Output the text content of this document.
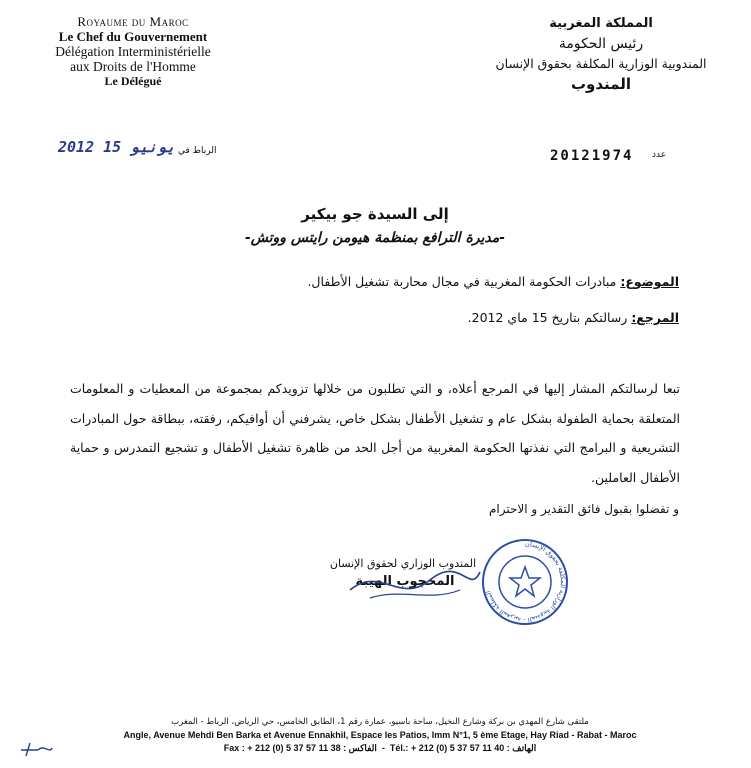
Royaume du Maroc
Le Chef du Gouvernement
Délégation Interministérielle
aux Droits de l'Homme
Le Délégué
المملكة المغربية
رئيس الحكومة
المندوبية الوزارية المكلفة بحقوق الإنسان
المندوب
2012 يونيو 15 الرباط في	20121974 عدد
إلى السيدة جو بيكير
-مديرة الترافع بمنظمة هيومن رايتس ووتش-
الموضوع: مبادرات الحكومة المغربية في مجال محاربة تشغيل الأطفال.
المرجع: رسالتكم بتاريخ 15 ماي 2012.
تبعا لرسالتكم المشار إليها في المرجع أعلاه، و التي تطلبون من خلالها تزويدكم بمجموعة من المعطيات و المعلومات المتعلقة بحماية الطفولة بشكل عام و تشغيل الأطفال بشكل خاص، يشرفني أن أوافيكم، رفقته، ببطاقة حول المبادرات التشريعية و البرامج التي نفذتها الحكومة المغربية من أجل الحد من ظاهرة تشغيل الأطفال و تشجيع التمدرس و حماية الأطفال العاملين.
و تفضلوا بقبول فائق التقدير و الاحترام
المندوب الوزاري لحقوق الإنسان
المحجوب الهيبة
المملكة المغربية - المندوبية الوزارية المكلفة بحقوق الإنسان
ملتقى شارع المهدي بن بركة وشارع النخيل، ساحة باسيو، عمارة رقم 1، الطابق الخامس، حي الرياض، الرباط - المغرب
Angle, Avenue Mehdi Ben Barka et Avenue Ennakhil, Espace les Patios, Imm N°1, 5 ème Etage, Hay Riad - Rabat - Maroc
Fax : + 212 (0) 5 37 57 11 38 : الفاكس  -  Tél.: + 212 (0) 5 37 57 11 40 : الهاتف
